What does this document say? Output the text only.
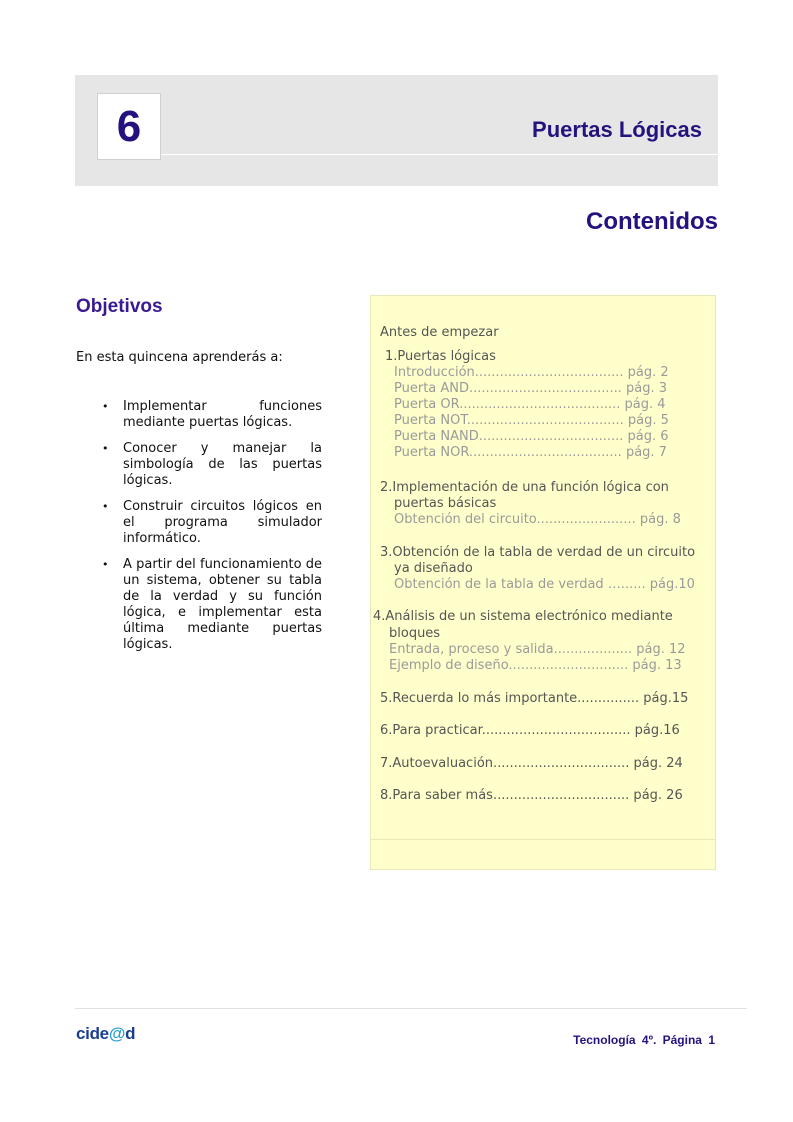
6	Puertas Lógicas
Contenidos
Objetivos
En esta quincena aprenderás a:
• Implementar funciones mediante puertas lógicas.
• Conocer y manejar la simbología de las puertas lógicas.
• Construir circuitos lógicos en el programa simulador informático.
• A partir del funcionamiento de un sistema, obtener su tabla de la verdad y su función lógica, e implementar esta última mediante puertas lógicas.
Antes de empezar
1.Puertas lógicas
Introducción.................................... pág. 2
Puerta AND..................................... pág. 3
Puerta OR....................................... pág. 4
Puerta NOT...................................... pág. 5
Puerta NAND................................... pág. 6
Puerta NOR..................................... pág. 7
2.Implementación de una función lógica con
puertas básicas
Obtención del circuito........................ pág. 8
3.Obtención de la tabla de verdad de un circuito
ya diseñado
Obtención de la tabla de verdad …...... pág.10
4.Análisis de un sistema electrónico mediante
bloques
Entrada, proceso y salida................... pág. 12
Ejemplo de diseño............................. pág. 13
5.Recuerda lo más importante............... pág.15
6.Para practicar.................................... pág.16
7.Autoevaluación................................. pág. 24
8.Para saber más................................. pág. 26
cide@d	Tecnología 4º. Página 1
